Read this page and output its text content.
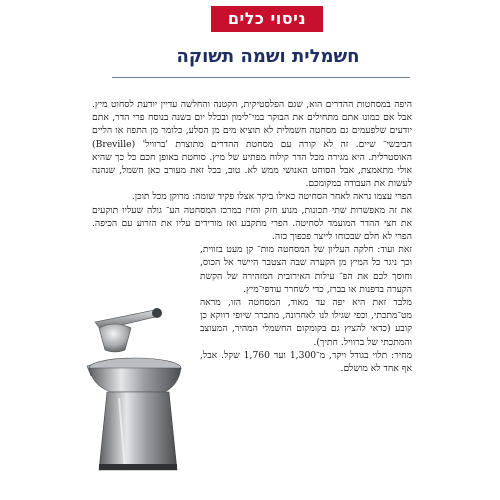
ניסוי כלים
חשמלית ושמה תשוקה

היפה במסחטות ההדרים הוא, שגם הפלסטיקית, הקטנה והחלשה עדיין יודעת לסחוט מיץ. אבל אם כמונו אתם מתחילים את הבוקר במי־לימון ובכלל יום בשנה בנוסח פרי הדר, אתם יודעים שלפעמים גם מסחטה חשמלית לא תוציא מים מן הסלע, כלומר מן התפוז או הליים הביבשי־ שיים. זה לא קורה עם מסחטת ההדרים מתוצרת 'ברוויל' (Breville) האוסטרלית. היא מגירה מכל הדר קילוח מפתיע של מיץ. סוחטת באופן חכם כל כך שהיא אולי מתאמצת, אבל הסוחט האנושי ממש לא. טוב, בכל זאת מעורב כאן חשמל, שנהנה לעשות את העבודה במקומכם.

הפרי עצמו נראה לאחר הסחיטה כאילו ביקר אצלו פקיד שומה: מרוקן מכל תוכן.

את זה מאפשרות שתי תכונות, מנוע חזק והזיז במרכז המסחטה הע־ גולה שעליו תוקעים את חצי ההדר המועמד לסחיטה. הפרי מתקבע ואז מורידים עליו את הזרוע עם הכיפה. הפרי לא חלם שבכוחו לייצר פכפוך כזה.

זאת ועוד: חלקה העליון של המסחטה מות־ קן מעט בזווית, וכך ניגר כל המיץ מן הקערה שבה הצטבר היישר אל הכוס, וחוסך לכם את הפ־ עילות האירובית המזהירה של הקשת הקערה בדפנות או בברז, כדי לשחרר עודפי־מיץ.

מלבד זאת היא יפה עד מאוד, המסחטה הזו, מראה מט־מתכתי, וכפי שגילו לנו לאחרונה, מתברר שיופי דווקא כן קובע (כדאי להציץ גם בקומקום החשמלי המהיר, המעוצב והמתכתי של ברוויל. חתיך).

מחיר: תלוי בגודל ויקר, מ־1,300 ועד 1,760 שקל. אבל, אף אחד לא מושלם.
